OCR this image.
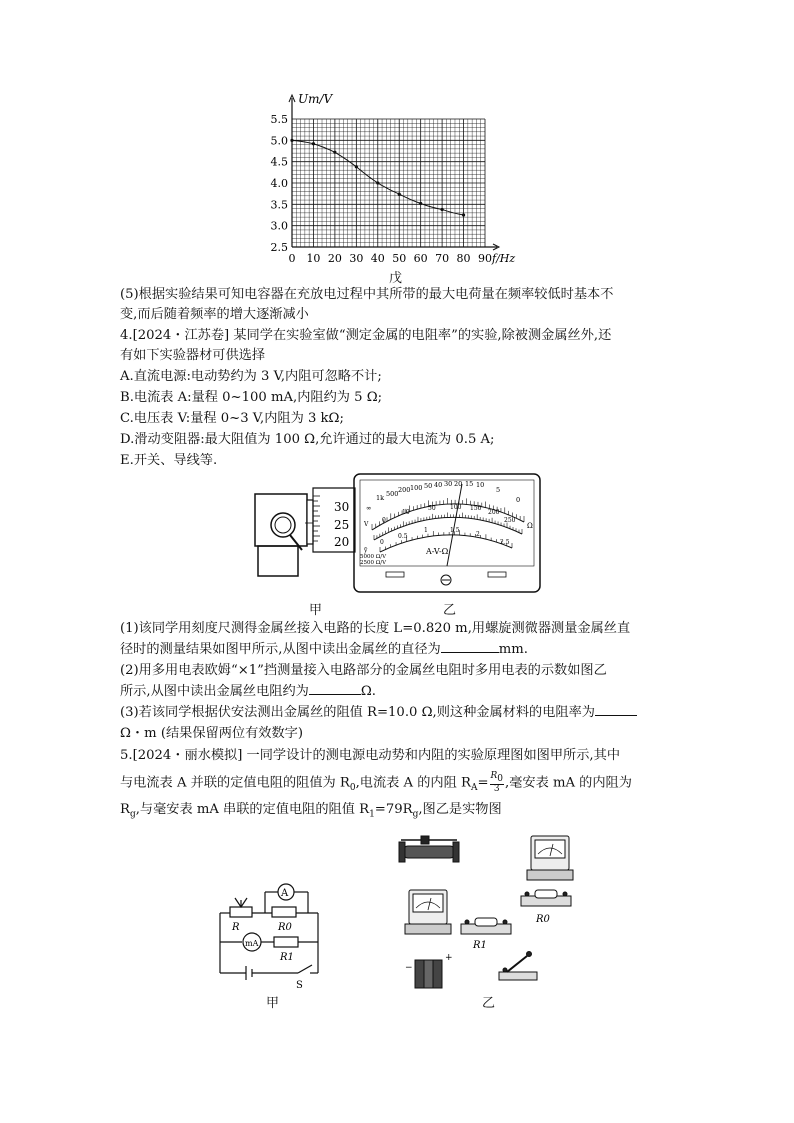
2.5
3.0
3.5
4.0
4.5
5.0
5.5
0 10 20 30 40 50 60 70 80 90
Um/V
f/Hz
戊
(5)根据实验结果可知电容器在充放电过程中其所带的最大电荷量在频率较低时基本不
变,而后随着频率的增大逐渐减小
4.[2024・江苏卷] 某同学在实验室做“测定金属的电阻率”的实验,除被测金属丝外,还
有如下实验器材可供选择
A.直流电源:电动势约为 3 V,内阻可忽略不计;
B.电流表 A:量程 0~100 mA,内阻约为 5 Ω;
C.电压表 V:量程 0~3 V,内阻为 3 kΩ;
D.滑动变阻器:最大阻值为 100 Ω,允许通过的最大电流为 0.5 A;
E.开关、导线等.
30
25
20
∞
1k 500 200 100 50 40 30 20 15 10
5
0
0
10
50 100 150
200
250
Ω
V
ỹ
0
0.5
1	1.5
2
2.5
A-V-Ω
5000 Ω/V
2500 Ω/V
甲	乙
(1)该同学用刻度尺测得金属丝接入电路的长度 L=0.820 m,用螺旋测微器测量金属丝直
径时的测量结果如图甲所示,从图中读出金属丝的直径为	mm.
(2)用多用电表欧姆“×1”挡测量接入电路部分的金属丝电阻时多用电表的示数如图乙
所示,从图中读出金属丝电阻约为	Ω.
(3)若该同学根据伏安法测出金属丝的阻值 R=10.0 Ω,则这种金属材料的电阻率为
Ω・m (结果保留两位有效数字)
5.[2024・丽水模拟] 一同学设计的测电源电动势和内阻的实验原理图如图甲所示,其中
与电流表 A 并联的定值电阻的阻值为 $R_0$,电流表 A 的内阻 $R_A= \frac{R_0}{3}$ ,毫安表 mA 的内阻为
$R_g$,与毫安表 mA 串联的定值电阻的阻值 $R_1=79R_g$,图乙是实物图
A
R	R0
mA
R1
S
甲
R0
R1
−
+
乙
